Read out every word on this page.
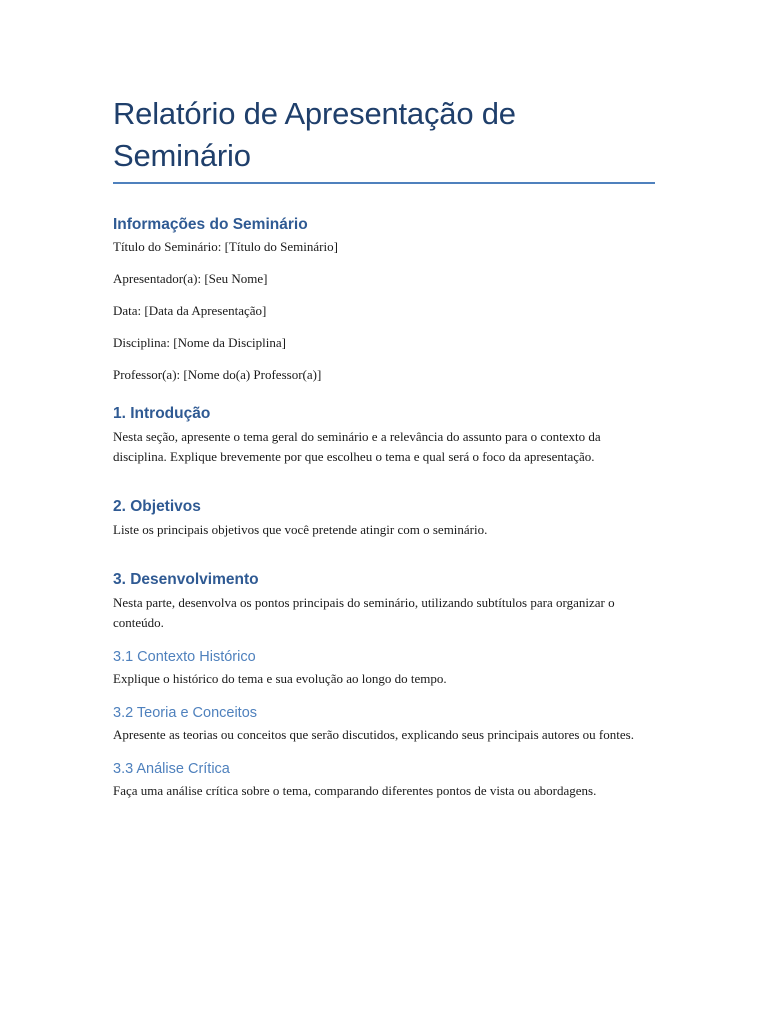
Relatório de Apresentação de Seminário
Informações do Seminário

Título do Seminário: [Título do Seminário]

Apresentador(a): [Seu Nome]

Data: [Data da Apresentação]

Disciplina: [Nome da Disciplina]

Professor(a): [Nome do(a) Professor(a)]

1. Introdução

Nesta seção, apresente o tema geral do seminário e a relevância do assunto para o contexto da disciplina. Explique brevemente por que escolheu o tema e qual será o foco da apresentação.

2. Objetivos

Liste os principais objetivos que você pretende atingir com o seminário.

3. Desenvolvimento

Nesta parte, desenvolva os pontos principais do seminário, utilizando subtítulos para organizar o conteúdo.

3.1 Contexto Histórico

Explique o histórico do tema e sua evolução ao longo do tempo.

3.2 Teoria e Conceitos

Apresente as teorias ou conceitos que serão discutidos, explicando seus principais autores ou fontes.

3.3 Análise Crítica

Faça uma análise crítica sobre o tema, comparando diferentes pontos de vista ou abordagens.
